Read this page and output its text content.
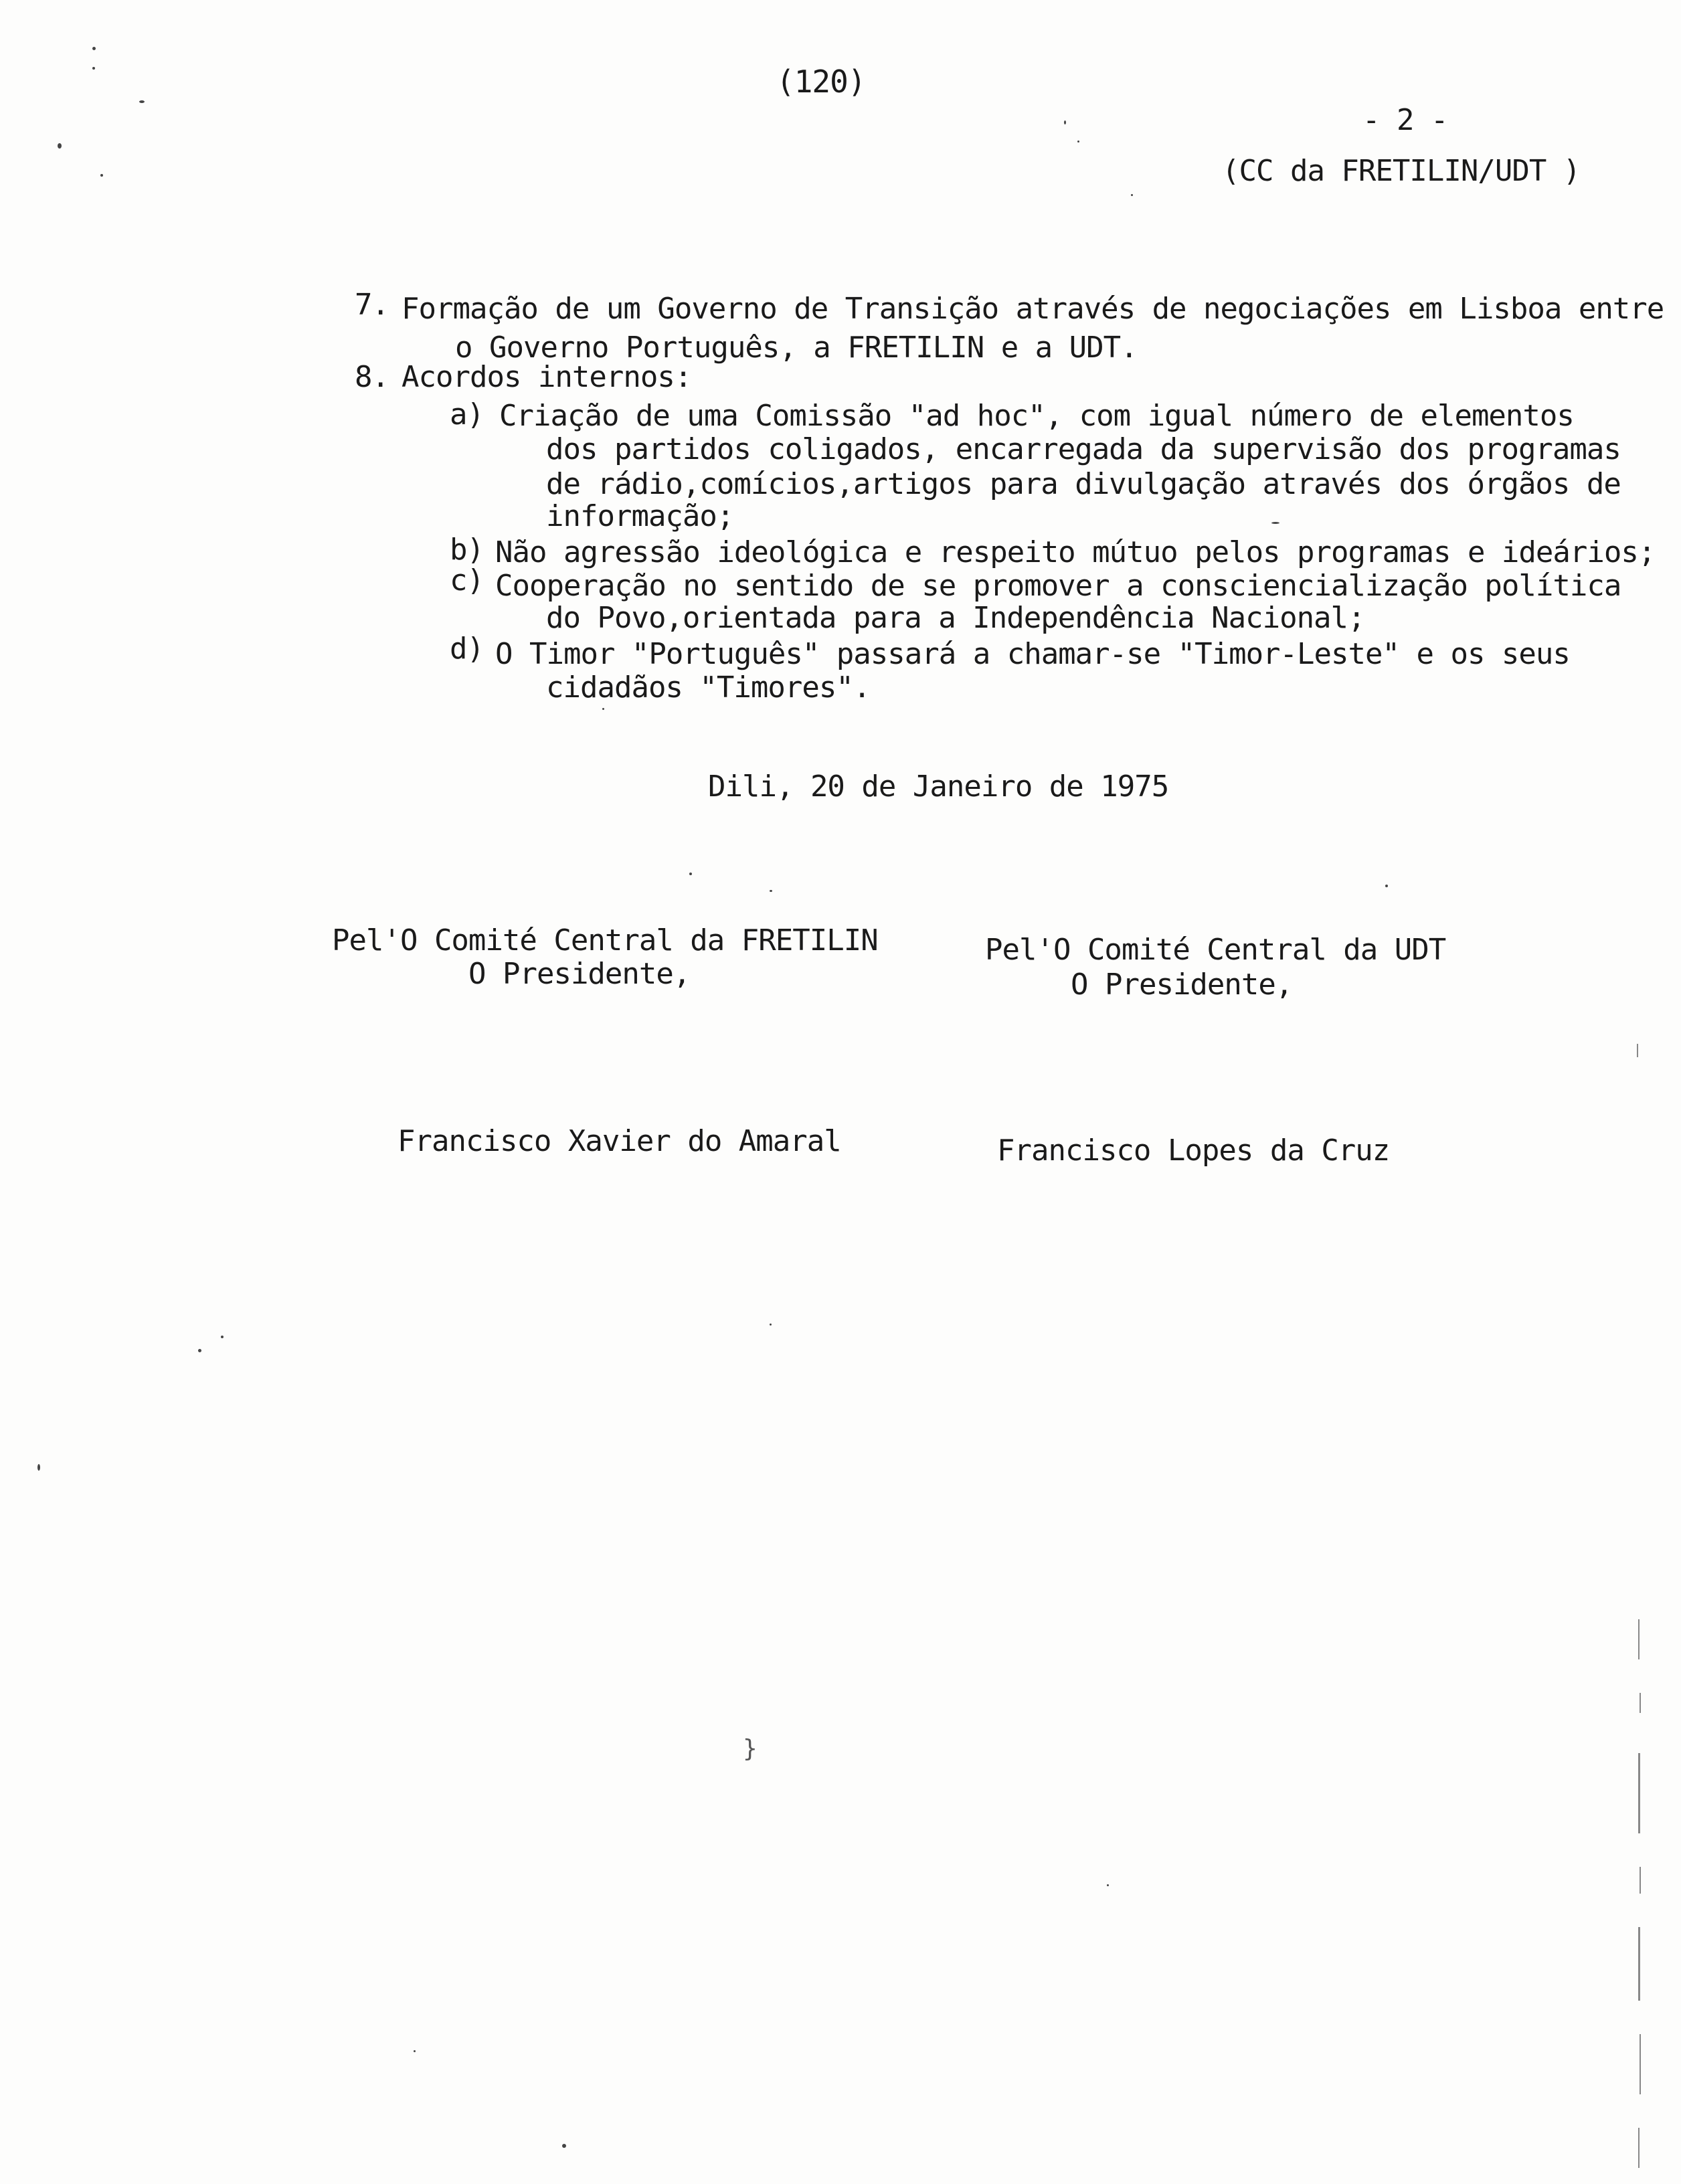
(120)
- 2 -
(CC da FRETILIN/UDT )
7. Formação de um Governo de Transição através de negociações em Lisboa entre
o Governo Português, a FRETILIN e a UDT.
8. Acordos internos:
a) Criação de uma Comissão "ad hoc", com igual número de elementos
dos partidos coligados, encarregada da supervisão dos programas
de rádio,comícios,artigos para divulgação através dos órgãos de
informação;
b) Não agressão ideológica e respeito mútuo pelos programas e ideários;
c) Cooperação no sentido de se promover a consciencialização política
do Povo,orientada para a Independência Nacional;
d) O Timor "Português" passará a chamar-se "Timor-Leste" e os seus
cidadãos "Timores".
Dili, 20 de Janeiro de 1975
Pel'O Comité Central da FRETILIN
O Presidente,
Francisco Xavier do Amaral
Pel'O Comité Central da UDT
O Presidente,
Francisco Lopes da Cruz
}
